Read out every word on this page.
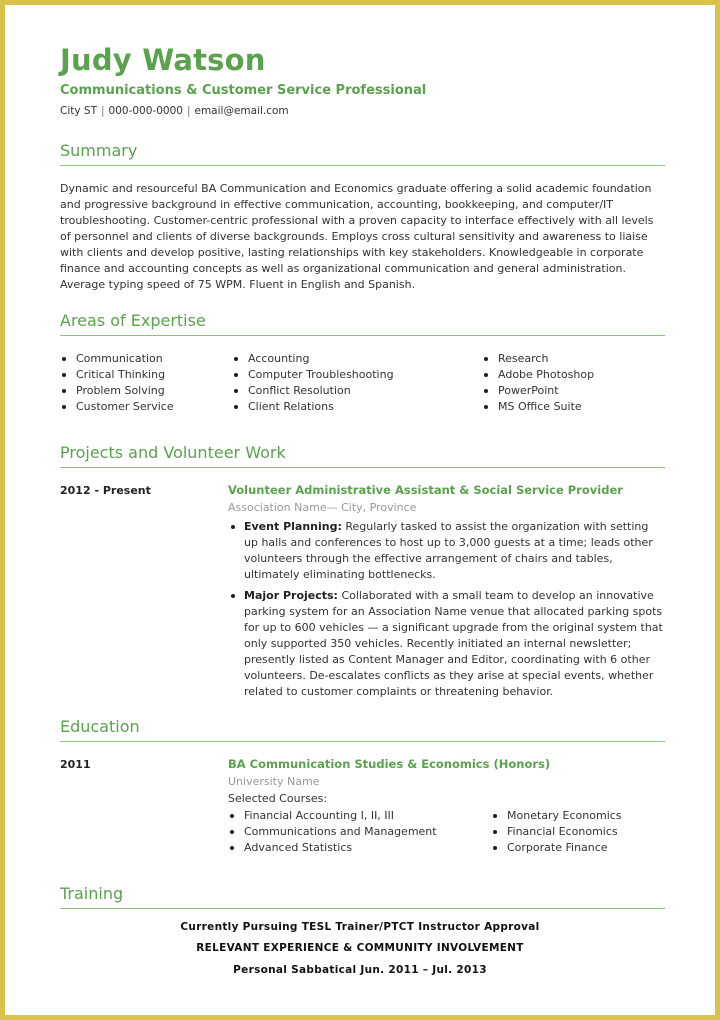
Judy Watson
Communications & Customer Service Professional
City ST | 000-000-0000 | email@email.com
Summary
Dynamic and resourceful BA Communication and Economics graduate offering a solid academic foundation and progressive background in effective communication, accounting, bookkeeping, and computer/IT troubleshooting. Customer-centric professional with a proven capacity to interface effectively with all levels of personnel and clients of diverse backgrounds. Employs cross cultural sensitivity and awareness to liaise with clients and develop positive, lasting relationships with key stakeholders. Knowledgeable in corporate finance and accounting concepts as well as organizational communication and general administration. Average typing speed of 75 WPM. Fluent in English and Spanish.
Areas of Expertise
Communication
Critical Thinking
Problem Solving
Customer Service
Accounting
Computer Troubleshooting
Conflict Resolution
Client Relations
Research
Adobe Photoshop
PowerPoint
MS Office Suite
Projects and Volunteer Work
2012 - Present	Volunteer Administrative Assistant & Social Service Provider
Association Name— City, Province
Event Planning: Regularly tasked to assist the organization with setting up halls and conferences to host up to 3,000 guests at a time; leads other volunteers through the effective arrangement of chairs and tables, ultimately eliminating bottlenecks.
Major Projects: Collaborated with a small team to develop an innovative parking system for an Association Name venue that allocated parking spots for up to 600 vehicles — a significant upgrade from the original system that only supported 350 vehicles. Recently initiated an internal newsletter; presently listed as Content Manager and Editor, coordinating with 6 other volunteers. De-escalates conflicts as they arise at special events, whether related to customer complaints or threatening behavior.
Education
2011	BA Communication Studies & Economics (Honors)
University Name
Selected Courses:
Financial Accounting I, II, III
Communications and Management
Advanced Statistics
Monetary Economics
Financial Economics
Corporate Finance
Training
Currently Pursuing TESL Trainer/PTCT Instructor Approval
RELEVANT EXPERIENCE & COMMUNITY INVOLVEMENT
Personal Sabbatical Jun. 2011 – Jul. 2013
